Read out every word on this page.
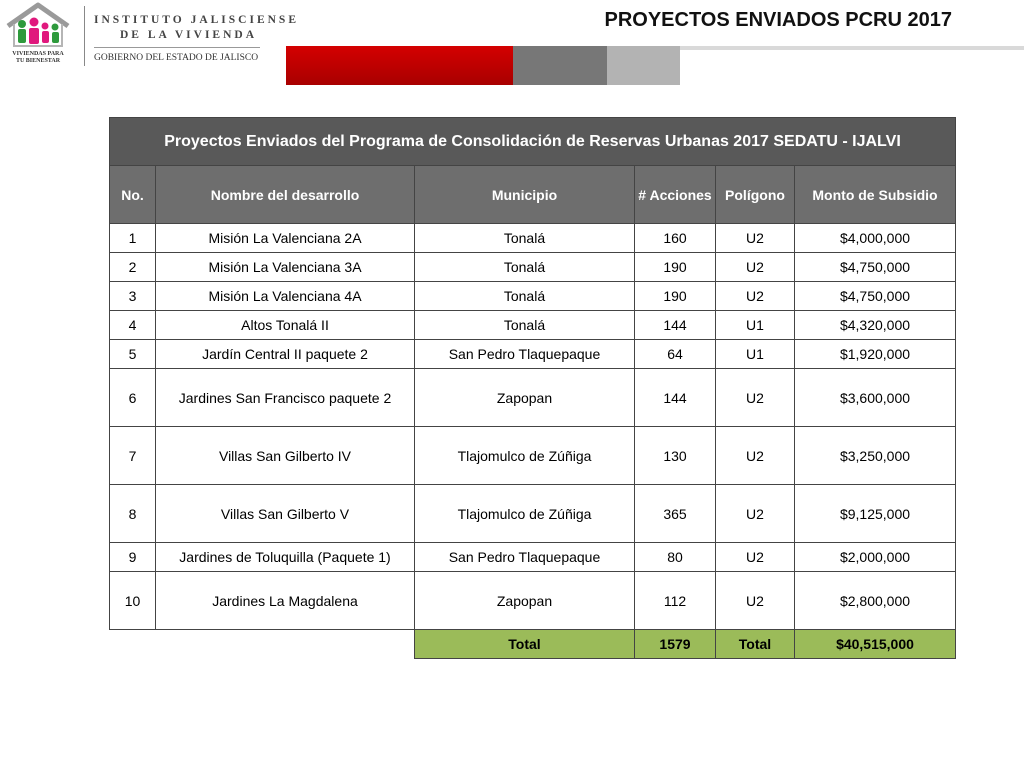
VIVIENDAS PARA
TU BIENESTAR
INSTITUTO JALISCIENSE
DE LA VIVIENDA
GOBIERNO DEL ESTADO DE JALISCO
PROYECTOS ENVIADOS PCRU 2017
Proyectos Enviados del Programa de Consolidación de Reservas Urbanas 2017 SEDATU - IJALVI					
No.	Nombre del desarrollo	Municipio	# Acciones	Polígono	Monto de Subsidio
1	Misión La Valenciana 2A	Tonalá	160	U2	$4,000,000
2	Misión La Valenciana 3A	Tonalá	190	U2	$4,750,000
3	Misión La Valenciana 4A	Tonalá	190	U2	$4,750,000
4	Altos Tonalá II	Tonalá	144	U1	$4,320,000
5	Jardín Central II paquete 2	San Pedro Tlaquepaque	64	U1	$1,920,000
6	Jardines San Francisco paquete 2	Zapopan	144	U2	$3,600,000
7	Villas San Gilberto IV	Tlajomulco de Zúñiga	130	U2	$3,250,000
8	Villas San Gilberto V	Tlajomulco de Zúñiga	365	U2	$9,125,000
9	Jardines de Toluquilla (Paquete 1)	San Pedro Tlaquepaque	80	U2	$2,000,000
10	Jardines La Magdalena	Zapopan	112	U2	$2,800,000
		Total	1579	Total	$40,515,000
